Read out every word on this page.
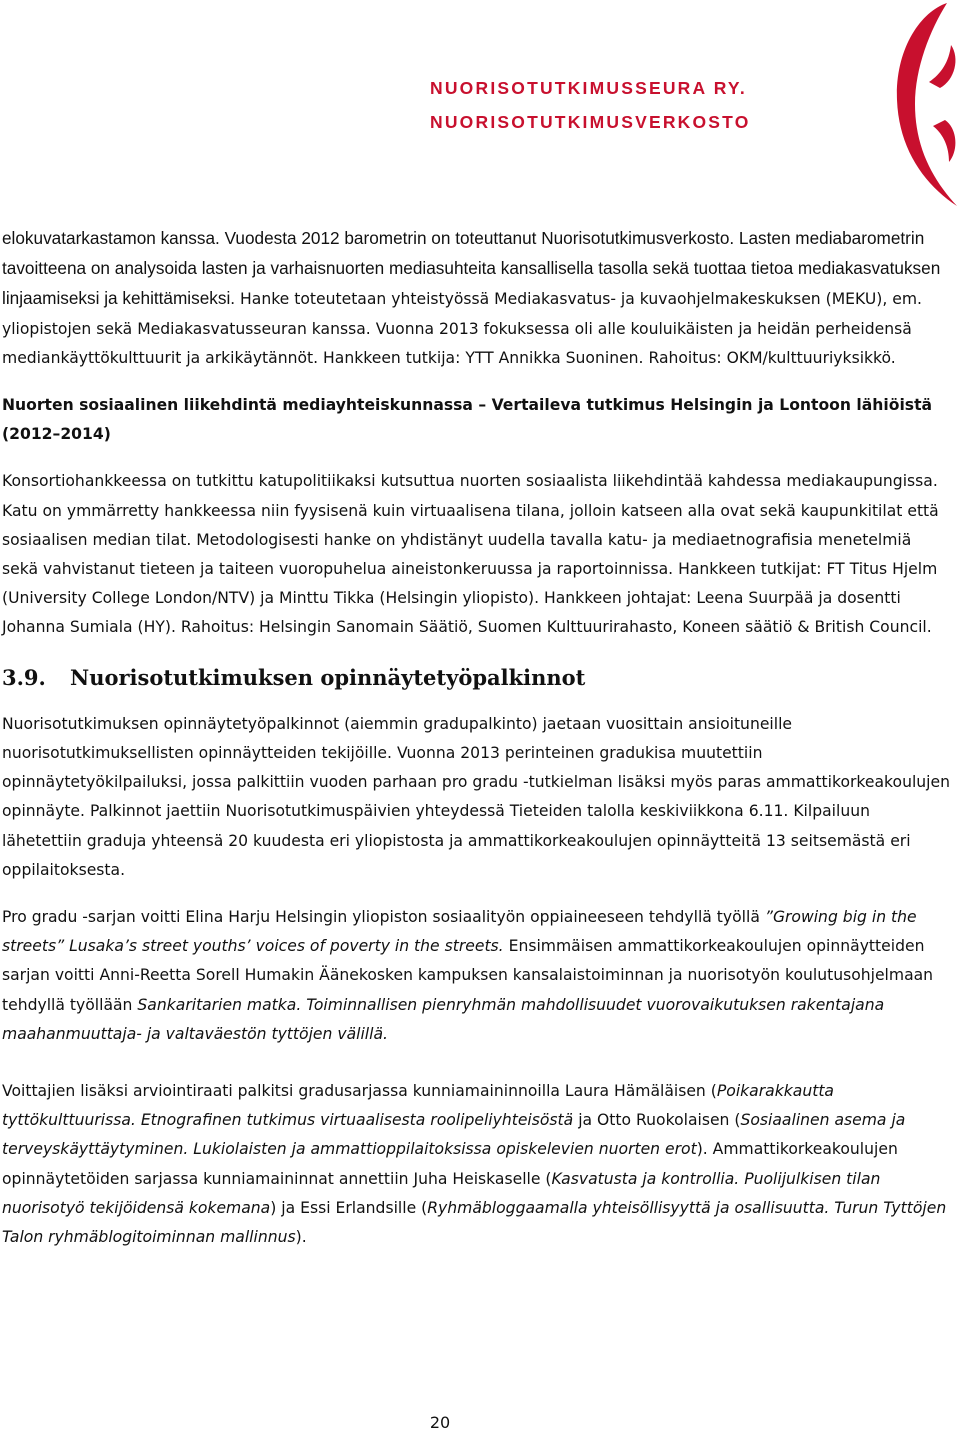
NUORISOTUTKIMUSSEURA RY.
NUORISOTUTKIMUSVERKOSTO

elokuvatarkastamon kanssa. Vuodesta 2012 barometrin on toteuttanut Nuorisotutkimusverkosto. Lasten mediabarometrin tavoitteena on analysoida lasten ja varhaisnuorten mediasuhteita kansallisella tasolla sekä tuottaa tietoa mediakasvatuksen linjaamiseksi ja kehittämiseksi. Hanke toteutetaan yhteistyössä Mediakasvatus- ja kuvaohjelmakeskuksen (MEKU), em. yliopistojen sekä Mediakasvatusseuran kanssa. Vuonna 2013 fokuksessa oli alle kouluikäisten ja heidän perheidensä mediankäyttökulttuurit ja arkikäytännöt. Hankkeen tutkija: YTT Annikka Suoninen. Rahoitus: OKM/kulttuuriyksikkö.

Nuorten sosiaalinen liikehdintä mediayhteiskunnassa – Vertaileva tutkimus Helsingin ja Lontoon lähiöistä (2012–2014)

Konsortiohankkeessa on tutkittu katupolitiikaksi kutsuttua nuorten sosiaalista liikehdintää kahdessa mediakaupungissa. Katu on ymmärretty hankkeessa niin fyysisenä kuin virtuaalisena tilana, jolloin katseen alla ovat sekä kaupunkitilat että sosiaalisen median tilat. Metodologisesti hanke on yhdistänyt uudella tavalla katu- ja mediaetnografisia menetelmiä sekä vahvistanut tieteen ja taiteen vuoropuhelua aineistonkeruussa ja raportoinnissa. Hankkeen tutkijat: FT Titus Hjelm (University College London/NTV) ja Minttu Tikka (Helsingin yliopisto). Hankkeen johtajat: Leena Suurpää ja dosentti Johanna Sumiala (HY). Rahoitus: Helsingin Sanomain Säätiö, Suomen Kulttuurirahasto, Koneen säätiö & British Council.

3.9. Nuorisotutkimuksen opinnäytetyöpalkinnot

Nuorisotutkimuksen opinnäytetyöpalkinnot (aiemmin gradupalkinto) jaetaan vuosittain ansioituneille nuorisotutkimuksellisten opinnäytteiden tekijöille. Vuonna 2013 perinteinen gradukisa muutettiin opinnäytetyökilpailuksi, jossa palkittiin vuoden parhaan pro gradu -tutkielman lisäksi myös paras ammattikorkeakoulujen opinnäyte. Palkinnot jaettiin Nuorisotutkimuspäivien yhteydessä Tieteiden talolla keskiviikkona 6.11. Kilpailuun lähetettiin graduja yhteensä 20 kuudesta eri yliopistosta ja ammattikorkeakoulujen opinnäytteitä 13 seitsemästä eri oppilaitoksesta.

Pro gradu -sarjan voitti Elina Harju Helsingin yliopiston sosiaalityön oppiaineeseen tehdyllä työllä ”Growing big in the streets” Lusaka’s street youths’ voices of poverty in the streets. Ensimmäisen ammattikorkeakoulujen opinnäytteiden sarjan voitti Anni-Reetta Sorell Humakin Äänekosken kampuksen kansalaistoiminnan ja nuorisotyön koulutusohjelmaan tehdyllä työllään Sankaritarien matka. Toiminnallisen pienryhmän mahdollisuudet vuorovaikutuksen rakentajana maahanmuuttaja- ja valtaväestön tyttöjen välillä.

Voittajien lisäksi arviointiraati palkitsi gradusarjassa kunniamaininnoilla Laura Hämäläisen (Poikarakkautta tyttökulttuurissa. Etnografinen tutkimus virtuaalisesta roolipeliyhteisöstä ja Otto Ruokolaisen (Sosiaalinen asema ja terveyskäyttäytyminen. Lukiolaisten ja ammattioppilaitoksissa opiskelevien nuorten erot). Ammattikorkeakoulujen opinnäytetöiden sarjassa kunniamaininnat annettiin Juha Heiskaselle (Kasvatusta ja kontrollia. Puolijulkisen tilan nuorisotyö tekijöidensä kokemana) ja Essi Erlandsille (Ryhmäbloggaamalla yhteisöllisyyttä ja osallisuutta. Turun Tyttöjen Talon ryhmäblogitoiminnan mallinnus).

20
